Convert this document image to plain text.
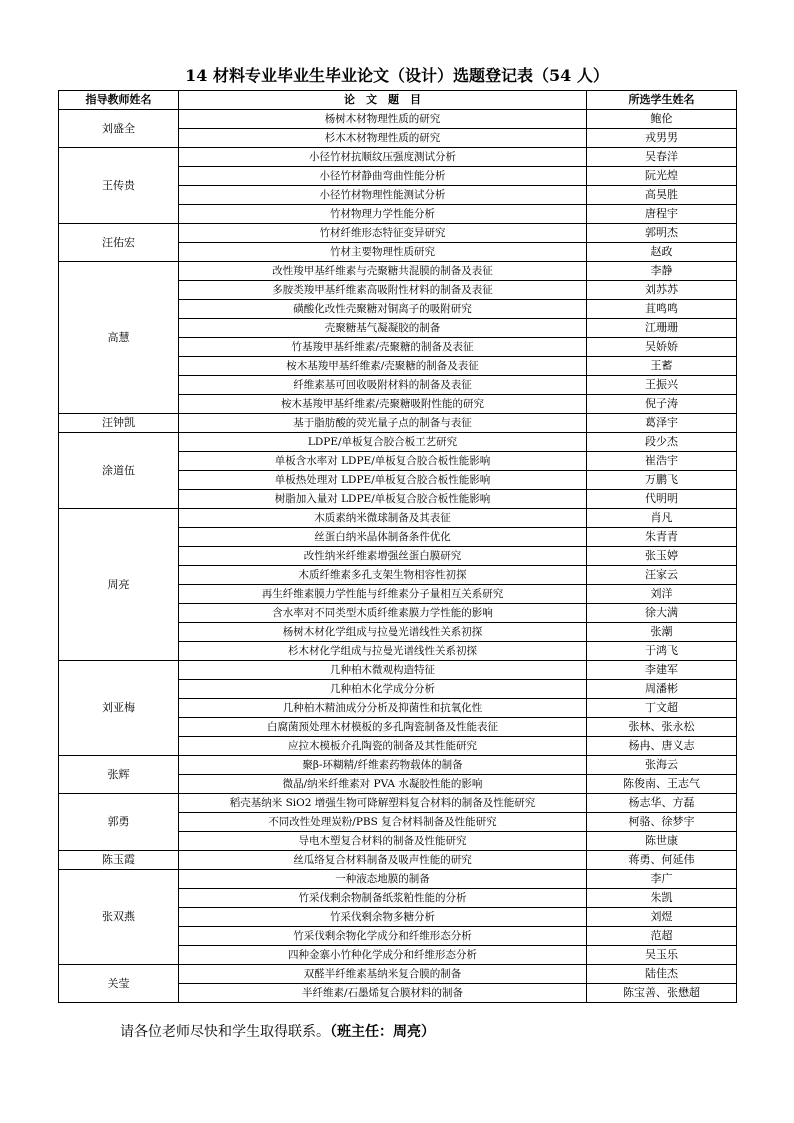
14 材料专业毕业生毕业论文（设计）选题登记表（54 人）
指导教师姓名	论　文　题　目	所选学生姓名
刘盛全	杨树木材物理性质的研究	鲍伦
	杉木木材物理性质的研究	戎男男
王传贵	小径竹材抗顺纹压强度测试分析	吴春洋
	小径竹材静曲弯曲性能分析	阮光煌
	小径竹材物理性能测试分析	高昊胜
	竹材物理力学性能分析	唐程宇
汪佑宏	竹材纤维形态特征变异研究	郭明杰
	竹材主要物理性质研究	赵政
高慧	改性羧甲基纤维素与壳聚糖共混膜的制备及表征	李静
	多胺类羧甲基纤维素高吸附性材料的制备及表征	刘苏苏
	磺酸化改性壳聚糖对铜离子的吸附研究	苴鸣鸣
	壳聚糖基气凝凝胶的制备	江珊珊
	竹基羧甲基纤维素/壳聚糖的制备及表征	吴娇娇
	桉木基羧甲基纤维素/壳聚糖的制备及表征	王蓄
	纤维素基可回收吸附材料的制备及表征	王振兴
	桉木基羧甲基纤维素/壳聚糖吸附性能的研究	倪子涛
汪钟凯	基于脂肪酸的荧光量子点的制备与表征	葛泽宇
涂道伍	LDPE/单板复合胶合板工艺研究	段少杰
	单板含水率对 LDPE/单板复合胶合板性能影响	崔浩宇
	单板热处理对 LDPE/单板复合胶合板性能影响	万鹏飞
	树脂加入量对 LDPE/单板复合胶合板性能影响	代明明
周亮	木质素纳米微球制备及其表征	肖凡
	丝蛋白纳米晶体制备条件优化	朱青青
	改性纳米纤维素增强丝蛋白膜研究	张玉婷
	木质纤维素多孔支架生物相容性初探	汪家云
	再生纤维素膜力学性能与纤维素分子量相互关系研究	刘洋
	含水率对不同类型木质纤维素膜力学性能的影响	徐大满
	杨树木材化学组成与拉曼光谱线性关系初探	张潮
	杉木材化学组成与拉曼光谱线性关系初探	于鸿飞
刘亚梅	几种柏木微观构造特征	李建军
	几种柏木化学成分分析	周潘彬
	几种柏木精油成分分析及抑菌性和抗氧化性	丁文超
	白腐菌预处理木材模板的多孔陶瓷制备及性能表征	张林、张永松
	应拉木模板介孔陶瓷的制备及其性能研究	杨冉、唐义志
张辉	聚β-环糊精/纤维素药物载体的制备	张海云
	微晶/纳米纤维素对 PVA 水凝胶性能的影响	陈俊南、王志气
郭勇	稻壳基纳米 SiO2 增强生物可降解塑料复合材料的制备及性能研究	杨志华、方磊
	不同改性处理炭粉/PBS 复合材料制备及性能研究	柯骆、徐梦宇
	导电木塑复合材料的制备及性能研究	陈世康
陈玉霞	丝瓜络复合材料制备及吸声性能的研究	蒋勇、何延伟
张双燕	一种液态地膜的制备	李广
	竹采伐剩余物制备纸浆粕性能的分析	朱凯
	竹采伐剩余物多糖分析	刘煜
	竹采伐剩余物化学成分和纤维形态分析	范超
	四种金寨小竹种化学成分和纤维形态分析	吴玉乐
关莹	双醛半纤维素基纳米复合膜的制备	陆佳杰
	半纤维素/石墨烯复合膜材料的制备	陈宝善、张懋超
请各位老师尽快和学生取得联系。（班主任：周亮）
